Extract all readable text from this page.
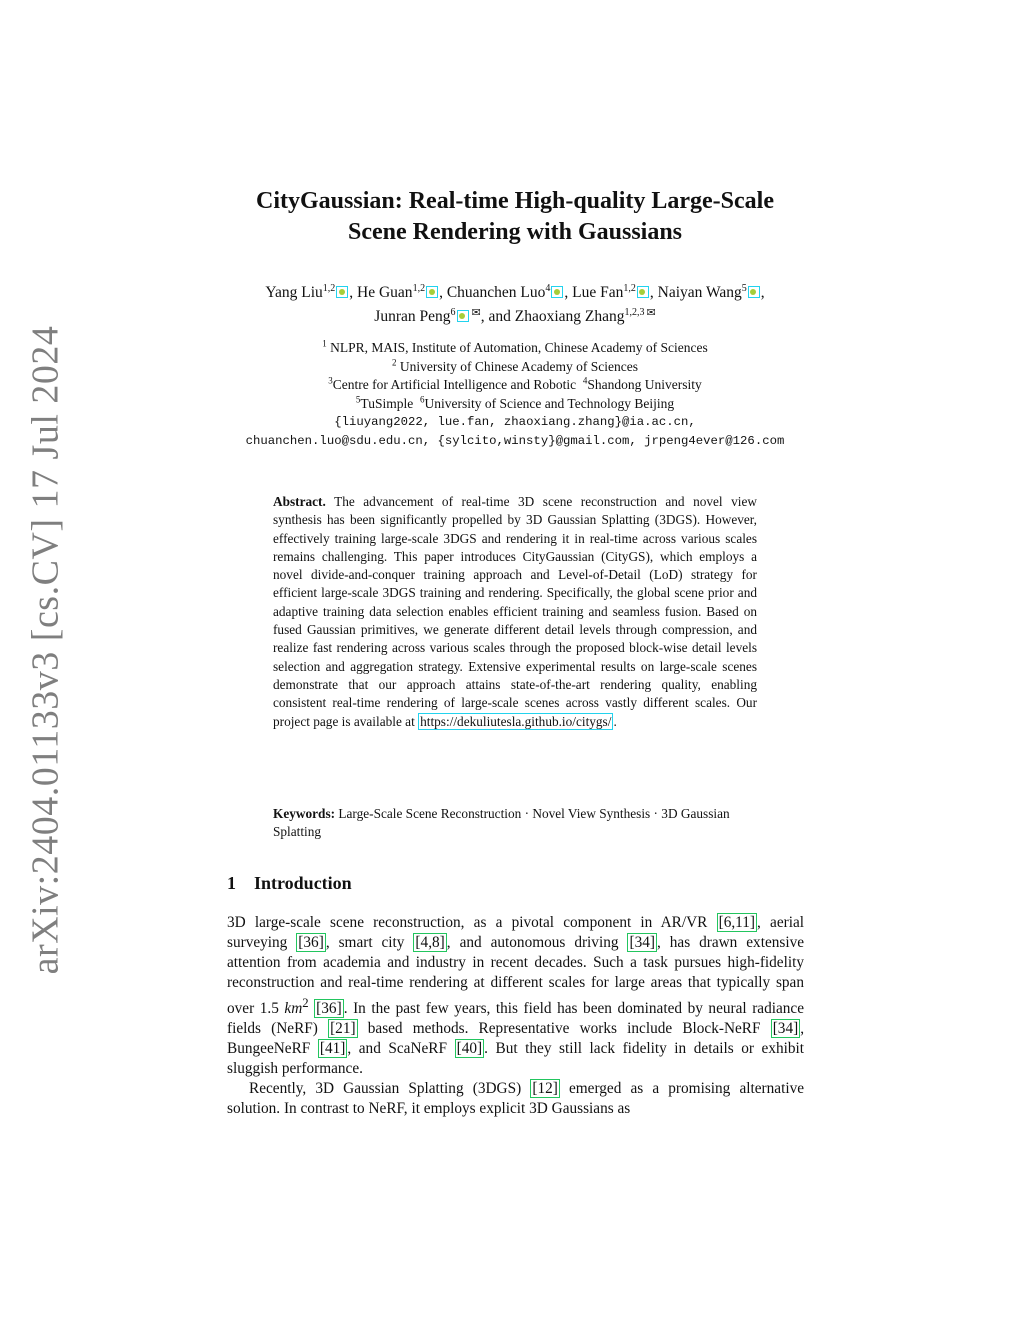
arXiv:2404.01133v3 [cs.CV] 17 Jul 2024
CityGaussian: Real-time High-quality Large-Scale
Scene Rendering with Gaussians
Yang Liu$^{1,2}$ , He Guan$^{1,2}$ , Chuanchen Luo$^4$ , Lue Fan$^{1,2}$ , Naiyan Wang$^5$ ,
Junran Peng$^6$ ✉, and Zhaoxiang Zhang$^{1,2,3}$ ✉
$^1$ NLPR, MAIS, Institute of Automation, Chinese Academy of Sciences
$^2$ University of Chinese Academy of Sciences
$^3$Centre for Artificial Intelligence and Robotic $^4$Shandong University
$^5$TuSimple $^6$University of Science and Technology Beijing
{liuyang2022, lue.fan, zhaoxiang.zhang}@ia.ac.cn,
chuanchen.luo@sdu.edu.cn, {sylcito,winsty}@gmail.com, jrpeng4ever@126.com
Abstract. The advancement of real-time 3D scene reconstruction and novel view synthesis has been significantly propelled by 3D Gaussian Splatting (3DGS). However, effectively training large-scale 3DGS and rendering it in real-time across various scales remains challenging. This paper introduces CityGaussian (CityGS), which employs a novel divide-and-conquer training approach and Level-of-Detail (LoD) strategy for efficient large-scale 3DGS training and rendering. Specifically, the global scene prior and adaptive training data selection enables efficient training and seamless fusion. Based on fused Gaussian primitives, we generate different detail levels through compression, and realize fast rendering across various scales through the proposed block-wise detail levels selection and aggregation strategy. Extensive experimental results on large-scale scenes demonstrate that our approach attains state-of-the-art rendering quality, enabling consistent real-time rendering of large-scale scenes across vastly different scales. Our project page is available at https://dekuliutesla.github.io/citygs/ .
Keywords: Large-Scale Scene Reconstruction · Novel View Synthesis · 3D Gaussian Splatting
1 Introduction

3D large-scale scene reconstruction, as a pivotal component in AR/VR [6,11] , aerial surveying [36] , smart city [4,8] , and autonomous driving [34] , has drawn extensive attention from academia and industry in recent decades. Such a task pursues high-fidelity reconstruction and real-time rendering at different scales for large areas that typically span over 1.5 $km^2$ [36] . In the past few years, this field has been dominated by neural radiance fields (NeRF) [21] based methods. Representative works include Block-NeRF [34] , BungeeNeRF [41] , and ScaNeRF [40] . But they still lack fidelity in details or exhibit sluggish performance.

Recently, 3D Gaussian Splatting (3DGS) [12] emerged as a promising alternative solution. In contrast to NeRF, it employs explicit 3D Gaussians as
